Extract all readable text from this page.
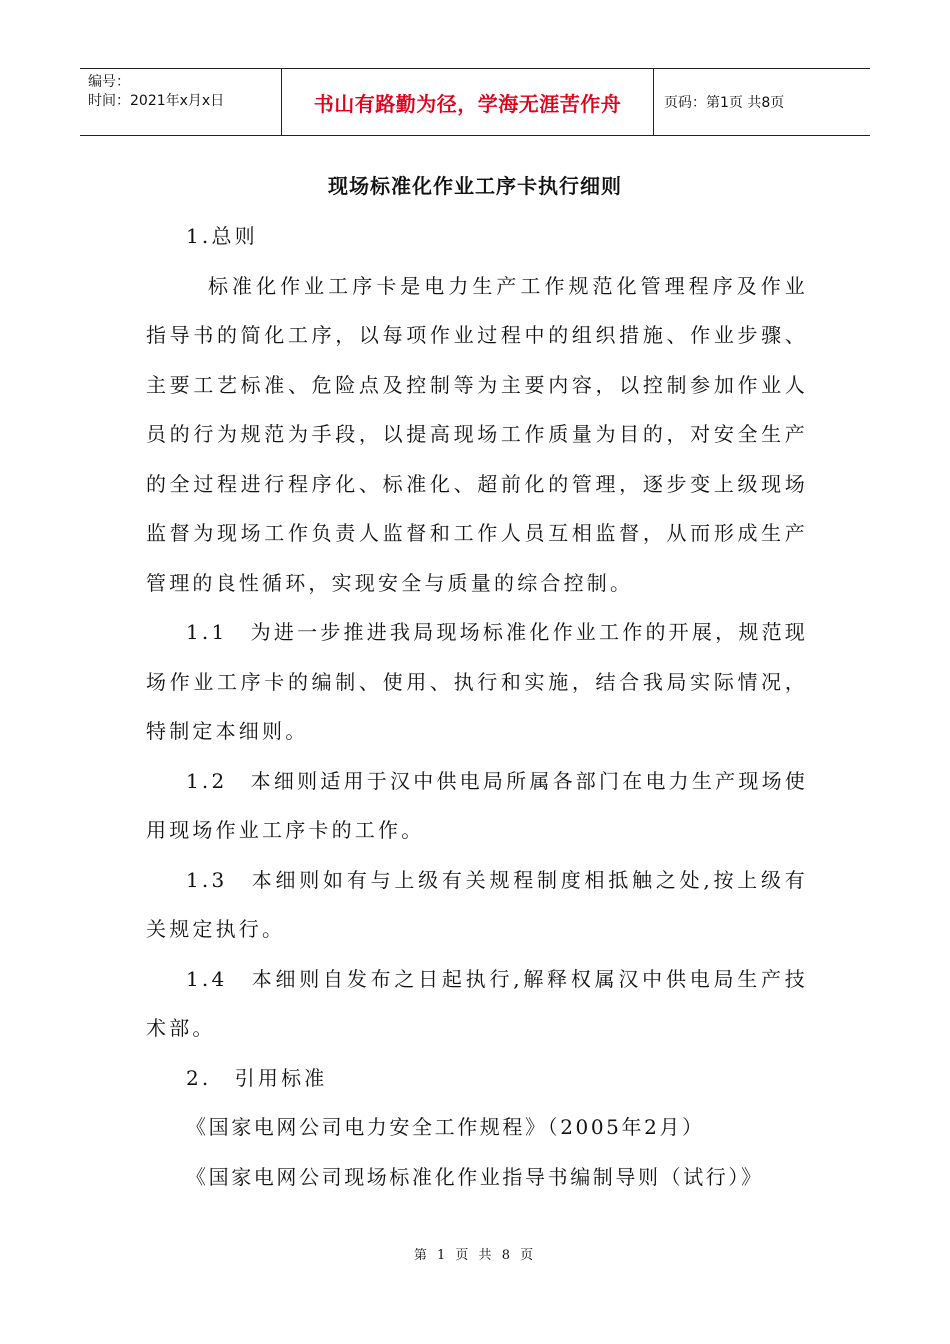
编号：
时间：2021年x月x日	书山有路勤为径，学海无涯苦作舟	页码：第1页 共8页
现场标准化作业工序卡执行细则

1.总则

标准化作业工序卡是电力生产工作规范化管理程序及作业指导书的简化工序，以每项作业过程中的组织措施、作业步骤、主要工艺标准、危险点及控制等为主要内容，以控制参加作业人员的行为规范为手段，以提高现场工作质量为目的，对安全生产的全过程进行程序化、标准化、超前化的管理，逐步变上级现场监督为现场工作负责人监督和工作人员互相监督，从而形成生产管理的良性循环，实现安全与质量的综合控制。

1.1　为进一步推进我局现场标准化作业工作的开展，规范现场作业工序卡的编制、使用、执行和实施，结合我局实际情况，特制定本细则。

1.2　本细则适用于汉中供电局所属各部门在电力生产现场使用现场作业工序卡的工作。

1.3　本细则如有与上级有关规程制度相抵触之处,按上级有关规定执行。

1.4　本细则自发布之日起执行,解释权属汉中供电局生产技术部。

2.　引用标准

《国家电网公司电力安全工作规程》（2005年2月）

《国家电网公司现场标准化作业指导书编制导则（试行）》

第 1 页 共 8 页
